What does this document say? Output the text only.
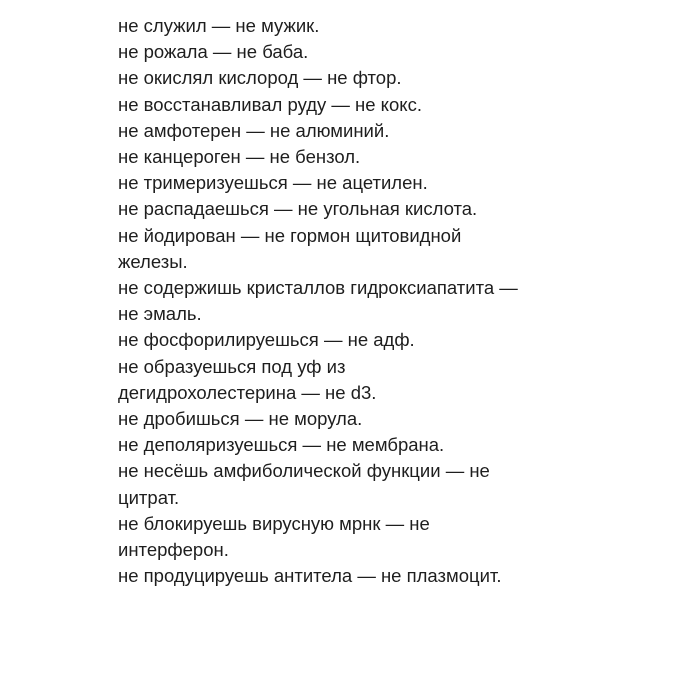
не служил — не мужик.
не рожала — не баба.
не окислял кислород — не фтор.
не восстанавливал руду — не кокс.
не амфотерен — не алюминий.
не канцероген — не бензол.
не тримеризуешься — не ацетилен.
не распадаешься — не угольная кислота.
не йодирован — не гормон щитовидной
железы.
не содержишь кристаллов гидроксиапатита —
не эмаль.
не фосфорилируешься — не адф.
не образуешься под уф из
дегидрохолестерина — не d3.
не дробишься — не морула.
не деполяризуешься — не мембрана.
не несёшь амфиболической функции — не
цитрат.
не блокируешь вирусную мрнк — не
интерферон.
не продуцируешь антитела — не плазмоцит.
